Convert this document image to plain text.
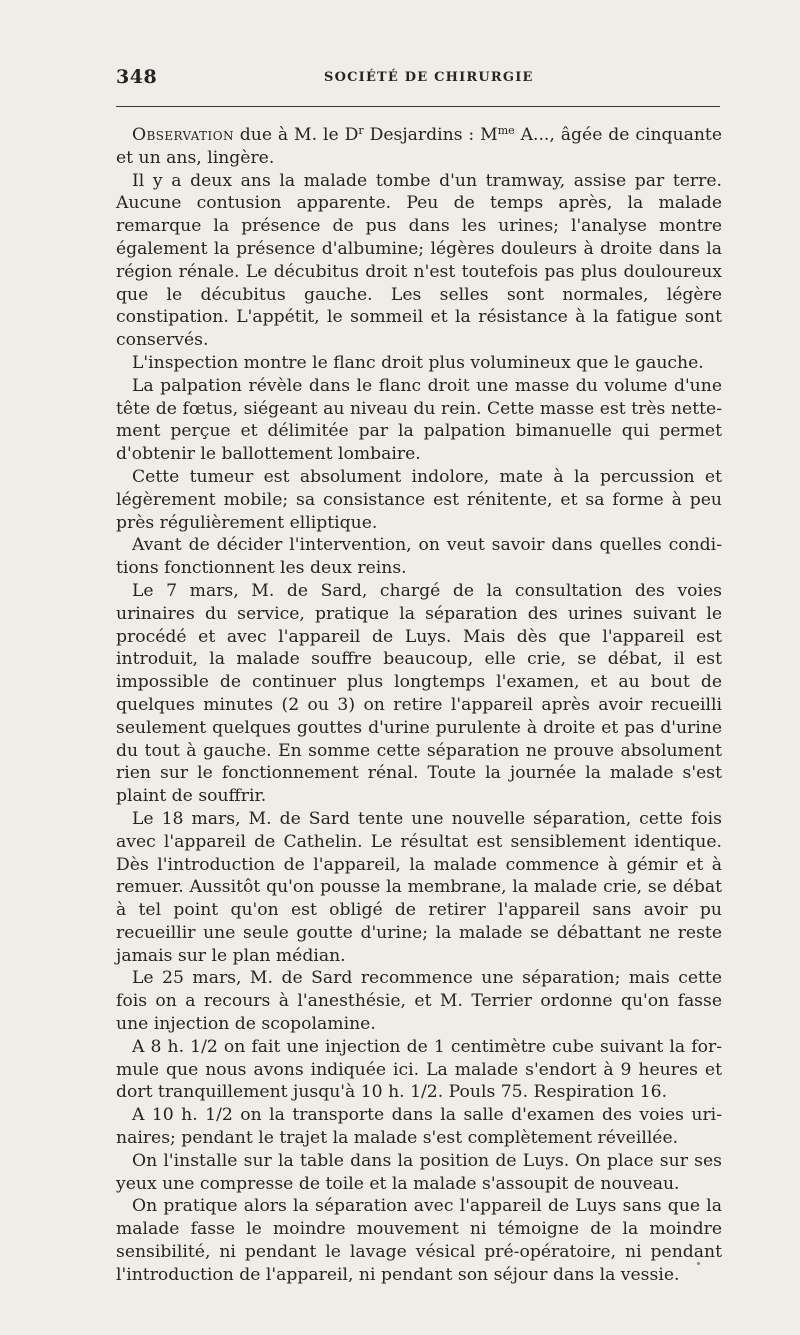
348	SOCIÉTÉ DE CHIRURGIE

Observation due à M. le $D^r$ Desjardins : $M^{me}$ A..., âgée de cinquante et un ans, lingère.

Il y a deux ans la malade tombe d'un tramway, assise par terre. Aucune contusion apparente. Peu de temps après, la malade remarque la présence de pus dans les urines; l'analyse montre également la présence d'albumine; légères douleurs à droite dans la région rénale. Le décubitus droit n'est toutefois pas plus douloureux que le décubitus gauche. Les selles sont normales, légère constipation. L'appétit, le sommeil et la résistance à la fatigue sont conservés.

L'inspection montre le flanc droit plus volumineux que le gauche.

La palpation révèle dans le flanc droit une masse du volume d'une tête de fœtus, siégeant au niveau du rein. Cette masse est très nettement perçue et délimitée par la palpation bimanuelle qui permet d'obtenir le ballottement lombaire.

Cette tumeur est absolument indolore, mate à la percussion et légèrement mobile; sa consistance est rénitente, et sa forme à peu près régulièrement elliptique.

Avant de décider l'intervention, on veut savoir dans quelles conditions fonctionnent les deux reins.

Le 7 mars, M. de Sard, chargé de la consultation des voies urinaires du service, pratique la séparation des urines suivant le procédé et avec l'appareil de Luys. Mais dès que l'appareil est introduit, la malade souffre beaucoup, elle crie, se débat, il est impossible de continuer plus longtemps l'examen, et au bout de quelques minutes (2 ou 3) on retire l'appareil après avoir recueilli seulement quelques gouttes d'urine purulente à droite et pas d'urine du tout à gauche. En somme cette séparation ne prouve absolument rien sur le fonctionnement rénal. Toute la journée la malade s'est plaint de souffrir.

Le 18 mars, M. de Sard tente une nouvelle séparation, cette fois avec l'appareil de Cathelin. Le résultat est sensiblement identique. Dès l'introduction de l'appareil, la malade commence à gémir et à remuer. Aussitôt qu'on pousse la membrane, la malade crie, se débat à tel point qu'on est obligé de retirer l'appareil sans avoir pu recueillir une seule goutte d'urine; la malade se débattant ne reste jamais sur le plan médian.

Le 25 mars, M. de Sard recommence une séparation; mais cette fois on a recours à l'anesthésie, et M. Terrier ordonne qu'on fasse une injection de scopolamine.

A 8 h. 1/2 on fait une injection de 1 centimètre cube suivant la formule que nous avons indiquée ici. La malade s'endort à 9 heures et dort tranquillement jusqu'à 10 h. 1/2. Pouls 75. Respiration 16.

A 10 h. 1/2 on la transporte dans la salle d'examen des voies urinaires; pendant le trajet la malade s'est complètement réveillée.

On l'installe sur la table dans la position de Luys. On place sur ses yeux une compresse de toile et la malade s'assoupit de nouveau.

On pratique alors la séparation avec l'appareil de Luys sans que la malade fasse le moindre mouvement ni témoigne de la moindre sensibilité, ni pendant le lavage vésical pré-opératoire, ni pendant l'introduction de l'appareil, ni pendant son séjour dans la vessie.
